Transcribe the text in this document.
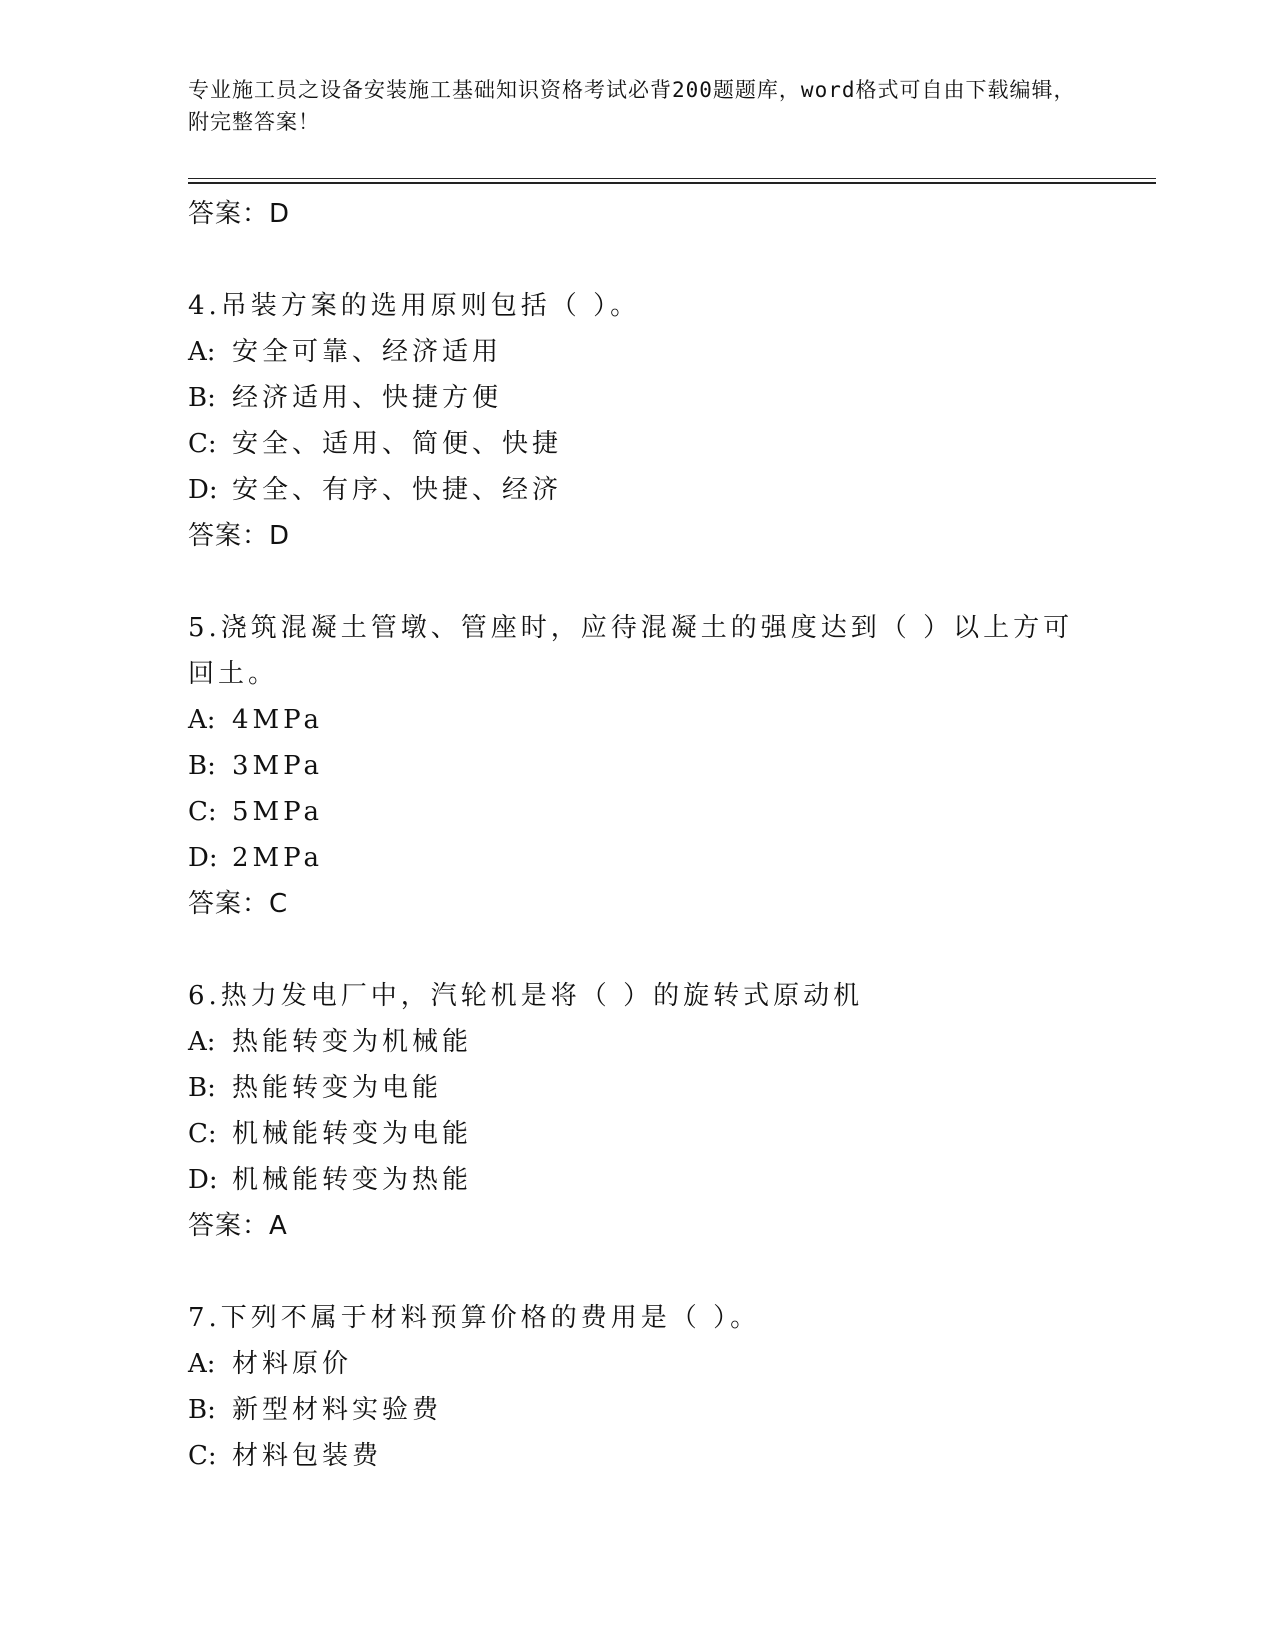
专业施工员之设备安装施工基础知识资格考试必背200题题库，word格式可自由下载编辑，附完整答案！
答案：D
4.吊装方案的选用原则包括（ ）。
A: 安全可靠、经济适用
B: 经济适用、快捷方便
C: 安全、适用、简便、快捷
D: 安全、有序、快捷、经济
答案：D
5.浇筑混凝土管墩、管座时，应待混凝土的强度达到（ ）以上方可回土。
A: 4MPa
B: 3MPa
C: 5MPa
D: 2MPa
答案：C
6.热力发电厂中，汽轮机是将（ ）的旋转式原动机
A: 热能转变为机械能
B: 热能转变为电能
C: 机械能转变为电能
D: 机械能转变为热能
答案：A
7.下列不属于材料预算价格的费用是（ ）。
A: 材料原价
B: 新型材料实验费
C: 材料包装费
